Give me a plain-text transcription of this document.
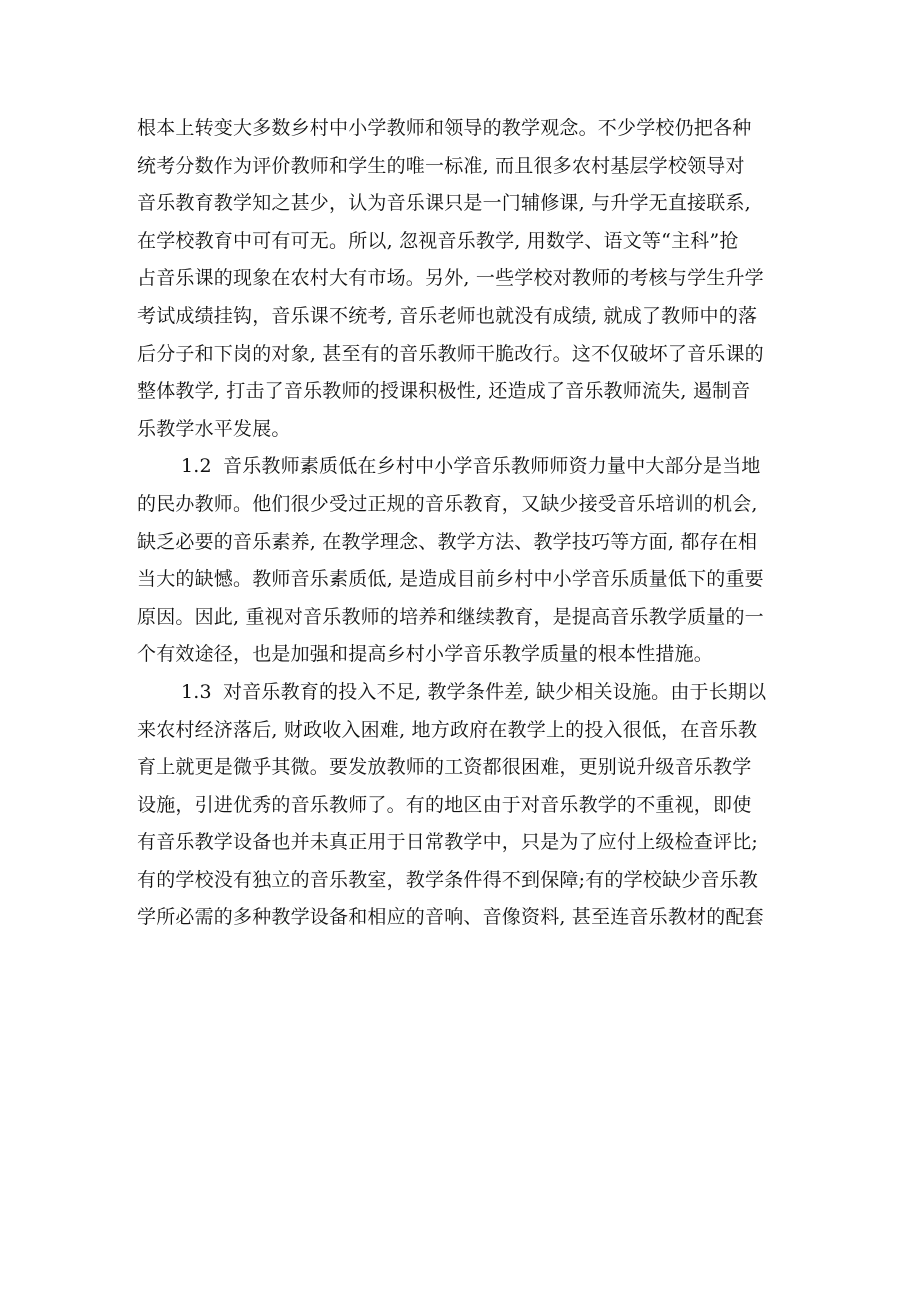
根本上转变大多数乡村中小学教师和领导的教学观念。不少学校仍把各种
统考分数作为评价教师和学生的唯一标准, 而且很多农村基层学校领导对
音乐教育教学知之甚少，认为音乐课只是一门辅修课, 与升学无直接联系,
在学校教育中可有可无。所以, 忽视音乐教学, 用数学、语文等“主科”抢
占音乐课的现象在农村大有市场。另外, 一些学校对教师的考核与学生升学
考试成绩挂钩，音乐课不统考, 音乐老师也就没有成绩, 就成了教师中的落
后分子和下岗的对象, 甚至有的音乐教师干脆改行。这不仅破坏了音乐课的
整体教学, 打击了音乐教师的授课积极性, 还造成了音乐教师流失, 遏制音
乐教学水平发展。
1.2 音乐教师素质低在乡村中小学音乐教师师资力量中大部分是当地
的民办教师。他们很少受过正规的音乐教育，又缺少接受音乐培训的机会,
缺乏必要的音乐素养, 在教学理念、教学方法、教学技巧等方面, 都存在相
当大的缺憾。教师音乐素质低, 是造成目前乡村中小学音乐质量低下的重要
原因。因此, 重视对音乐教师的培养和继续教育，是提高音乐教学质量的一
个有效途径，也是加强和提高乡村小学音乐教学质量的根本性措施。
1.3 对音乐教育的投入不足, 教学条件差, 缺少相关设施。由于长期以
来农村经济落后, 财政收入困难, 地方政府在教学上的投入很低，在音乐教
育上就更是微乎其微。要发放教师的工资都很困难，更别说升级音乐教学
设施，引进优秀的音乐教师了。有的地区由于对音乐教学的不重视，即使
有音乐教学设备也并未真正用于日常教学中，只是为了应付上级检查评比;
有的学校没有独立的音乐教室，教学条件得不到保障;有的学校缺少音乐教
学所必需的多种教学设备和相应的音响、音像资料, 甚至连音乐教材的配套
